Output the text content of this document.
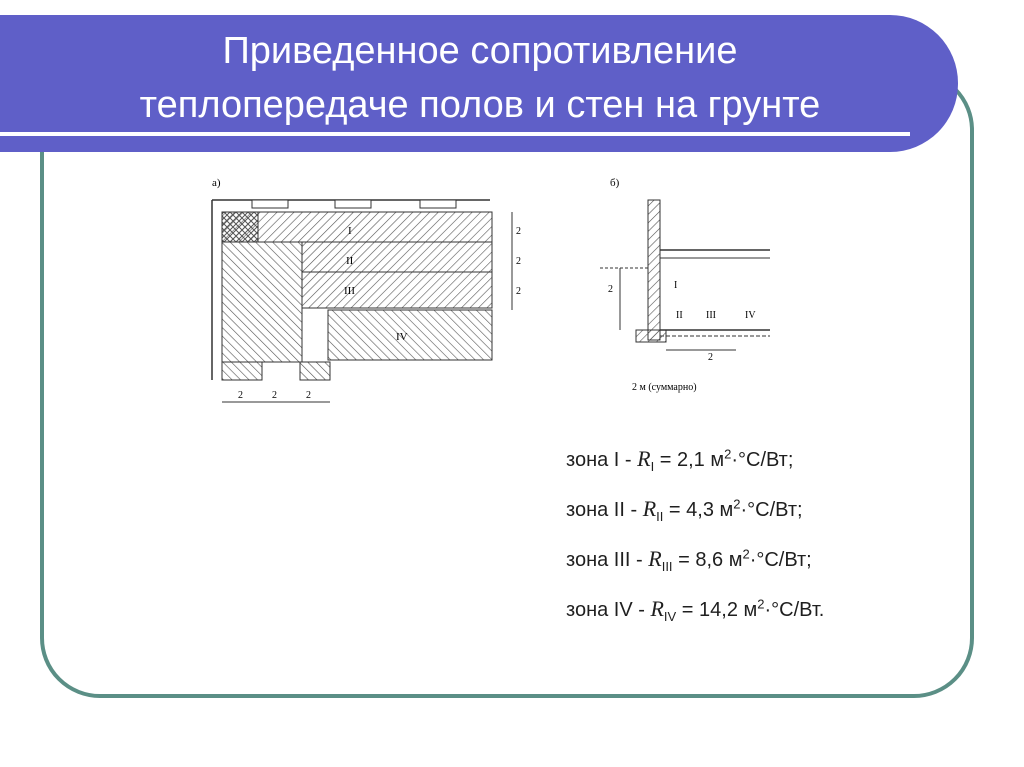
Приведенное сопротивление
теплопередаче полов и стен на грунте
а)
I
II
III
IV
2
2
2
2	2	2
б)
I
II III	IV
2
2
2 м (суммарно)
зона $I - R_I = 2,1$ $м^2\cdot^\circ С/Вт$;
зона II - $R_{II} = 4,3$ $м^2\cdot^\circ С/Вт$;
зона III - $R_{III} = 8,6$ $м^2\cdot^\circ С/Вт$;
зона IV - $R_{IV} = 14,2$ $м^2\cdot^\circ С/Вт$.
